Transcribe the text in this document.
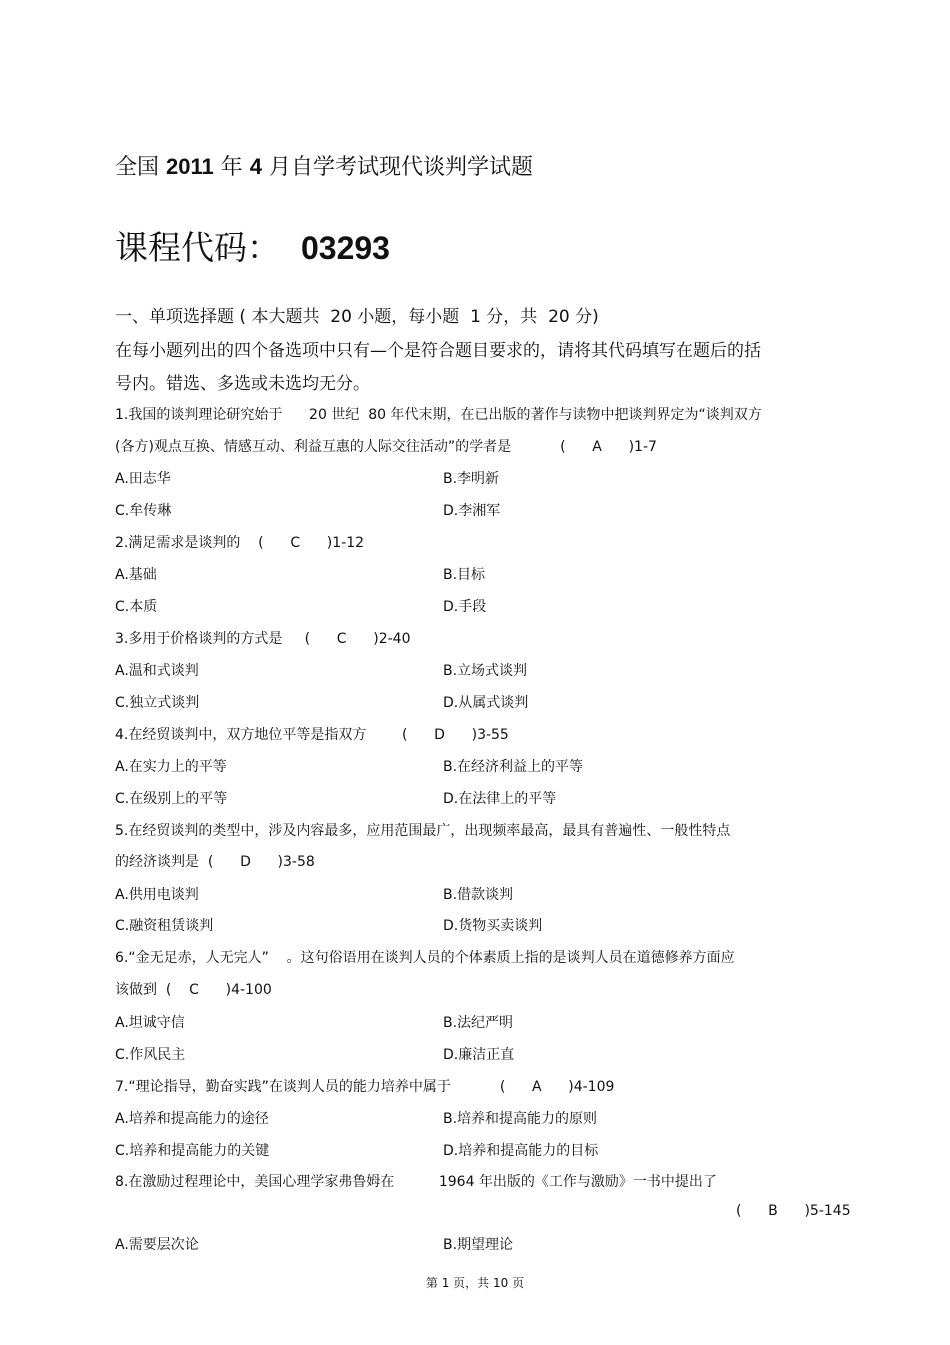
全国 2011 年 4 月自学考试现代谈判学试题
课程代码：  03293
一、单项选择题 ( 本大题共  20 小题，每小题  1 分，共  20 分)
在每小题列出的四个备选项中只有—个是符合题目要求的，请将其代码填写在题后的括
号内。错选、多选或未选均无分。
1.我国的谈判理论研究始于      20 世纪  80 年代末期，在已出版的著作与读物中把谈判界定为“谈判双方
(各方)观点互换、情感互动、利益互惠的人际交往活动”的学者是           (      A      )1-7
A.田志华	B.李明新
C.牟传琳	D.李湘军
2.满足需求是谈判的    (      C      )1-12
A.基础	B.目标
C.本质	D.手段
3.多用于价格谈判的方式是     (      C      )2-40
A.温和式谈判	B.立场式谈判
C.独立式谈判	D.从属式谈判
4.在经贸谈判中，双方地位平等是指双方        (      D      )3-55
A.在实力上的平等	B.在经济利益上的平等
C.在级别上的平等	D.在法律上的平等
5.在经贸谈判的类型中，涉及内容最多，应用范围最广，出现频率最高，最具有普遍性、一般性特点
的经济谈判是  (      D      )3-58
A.供用电谈判	B.借款谈判
C.融资租赁谈判	D.货物买卖谈判
6.“金无足赤，人无完人”    。这句俗语用在谈判人员的个体素质上指的是谈判人员在道德修养方面应
该做到  (    C      )4-100
A.坦诚守信	B.法纪严明
C.作风民主	D.廉洁正直
7.“理论指导，勤奋实践”在谈判人员的能力培养中属于           (      A      )4-109
A.培养和提高能力的途径	B.培养和提高能力的原则
C.培养和提高能力的关键	D.培养和提高能力的目标
8.在激励过程理论中，美国心理学家弗鲁姆在          1964 年出版的《工作与激励》一书中提出了
(      B      )5-145
A.需要层次论	B.期望理论
第 1 页，共 10 页
